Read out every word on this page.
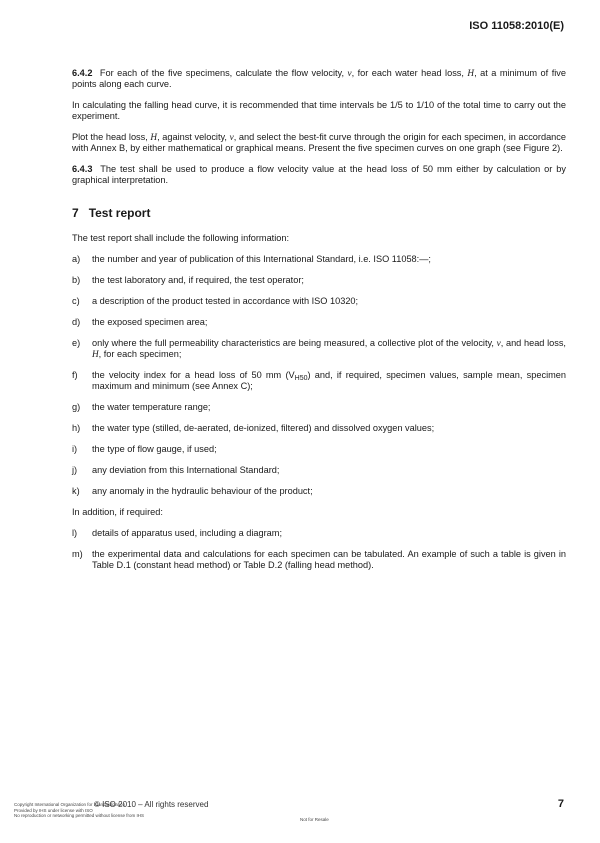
ISO 11058:2010(E)

6.4.2 For each of the five specimens, calculate the flow velocity, v, for each water head loss, H, at a minimum of five points along each curve.

In calculating the falling head curve, it is recommended that time intervals be 1/5 to 1/10 of the total time to carry out the experiment.

Plot the head loss, H, against velocity, v, and select the best-fit curve through the origin for each specimen, in accordance with Annex B, by either mathematical or graphical means. Present the five specimen curves on one graph (see Figure 2).

6.4.3 The test shall be used to produce a flow velocity value at the head loss of 50 mm either by calculation or by graphical interpretation.

7 Test report

The test report shall include the following information:

a)	the number and year of publication of this International Standard, i.e. ISO 11058:—;
b)	the test laboratory and, if required, the test operator;
c)	a description of the product tested in accordance with ISO 10320;
d)	the exposed specimen area;
e)	only where the full permeability characteristics are being measured, a collective plot of the velocity, v, and head loss, H, for each specimen;
f)	the velocity index for a head loss of 50 mm $(V_{H50})$ and, if required, specimen values, sample mean, specimen maximum and minimum (see Annex C);
g)	the water temperature range;
h)	the water type (stilled, de-aerated, de-ionized, filtered) and dissolved oxygen values;
i)	the type of flow gauge, if used;
j)	any deviation from this International Standard;
k)	any anomaly in the hydraulic behaviour of the product;

In addition, if required:

l)	details of apparatus used, including a diagram;
m)	the experimental data and calculations for each specimen can be tabulated. An example of such a table is given in Table D.1 (constant head method) or Table D.2 (falling head method).
Copyright International Organization for Standardization
Provided by IHS under license with ISO
No reproduction or networking permitted without license from IHS
© ISO 2010 – All rights reserved
Not for Resale
7
